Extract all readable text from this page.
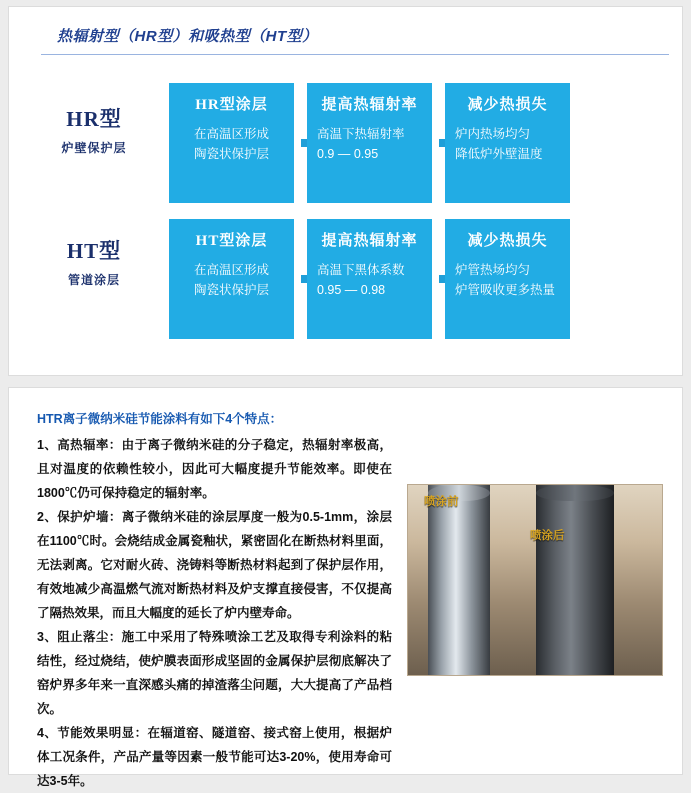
热辐射型（HR型）和吸热型（HT型）
HR型
炉壁保护层
HR型涂层
在高温区形成
陶瓷状保护层
提高热辐射率
高温下热辐射率
0.9 — 0.95
减少热损失
炉内热场均匀
降低炉外壁温度
HT型
管道涂层
HT型涂层
在高温区形成
陶瓷状保护层
提高热辐射率
高温下黑体系数
0.95 — 0.98
减少热损失
炉管热场均匀
炉管吸收更多热量
HTR离子微纳米硅节能涂料有如下4个特点：

1、高热辐率：由于离子微纳米硅的分子稳定，热辐射率极高，且对温度的依赖性较小，因此可大幅度提升节能效率。即使在1800℃仍可保持稳定的辐射率。

2、保护炉墙：离子微纳米硅的涂层厚度一般为0.5-1mm，涂层在1100℃时。会烧结成金属瓷釉状，紧密固化在断热材料里面，无法剥离。它对耐火砖、浇铸料等断热材料起到了保护层作用，有效地减少高温燃气流对断热材料及炉支撑直接侵害，不仅提高了隔热效果，而且大幅度的延长了炉内壁寿命。

3、阻止落尘：施工中采用了特殊喷涂工艺及取得专利涂料的粘结性，经过烧结，使炉膜表面形成坚固的金属保护层彻底解决了窑炉界多年来一直深感头痛的掉渣落尘问题，大大提高了产品档次。

4、节能效果明显：在辐道窑、隧道窑、接式窑上使用，根据炉体工况条件，产品产量等因素一般节能可达3-20%，使用寿命可达3-5年。

喷涂前
喷涂后
